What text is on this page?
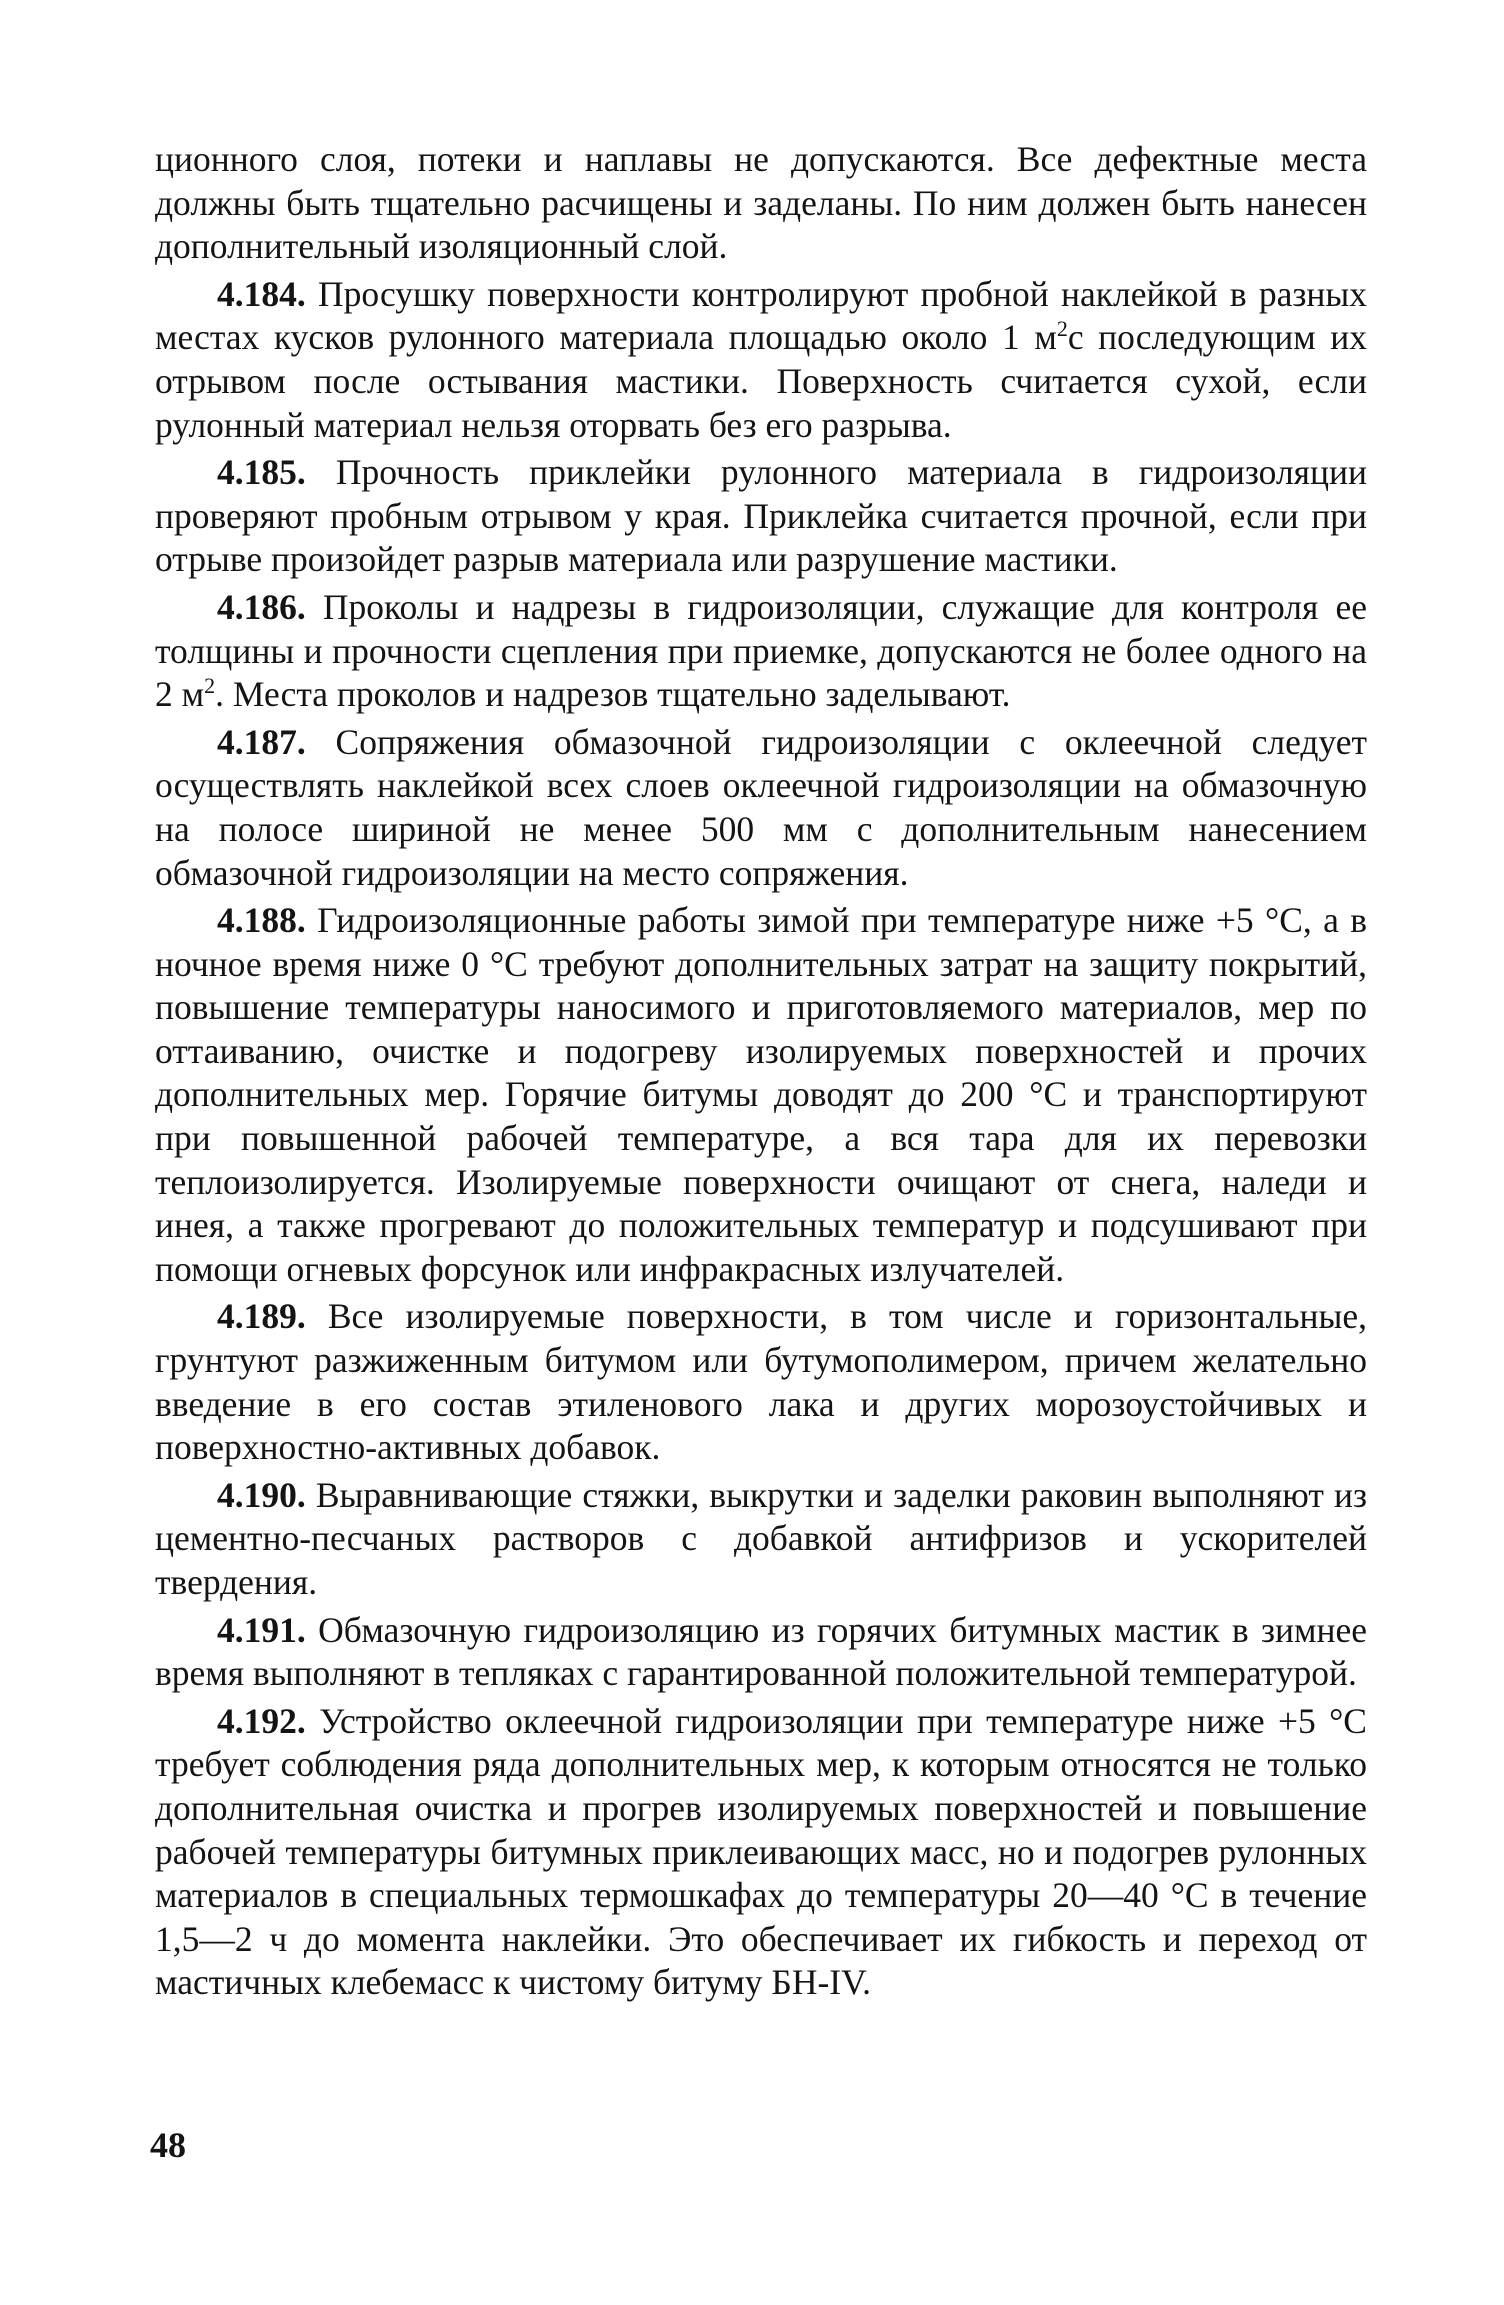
ционного слоя, потеки и наплавы не допускаются. Все дефектные места должны быть тщательно расчищены и заделаны. По ним должен быть нанесен дополнительный изоляционный слой.

4.184. Просушку поверхности контролируют пробной наклейкой в разных местах кусков рулонного материала площадью около 1 $м^2с$ последующим их отрывом после остывания мастики. Поверхность считается сухой, если рулонный материал нельзя оторвать без его разрыва.

4.185. Прочность приклейки рулонного материала в гидроизоляции проверяют пробным отрывом у края. Приклейка считается прочной, если при отрыве произойдет разрыв материала или разрушение мастики.

4.186. Проколы и надрезы в гидроизоляции, служащие для контроля ее толщины и прочности сцепления при приемке, допускаются не более одного на 2 $м^2$. Места проколов и надрезов тщательно заделывают.

4.187. Сопряжения обмазочной гидроизоляции с оклеечной следует осуществлять наклейкой всех слоев оклеечной гидроизоляции на обмазочную на полосе шириной не менее 500 мм с дополнительным нанесением обмазочной гидроизоляции на место сопряжения.

4.188. Гидроизоляционные работы зимой при температуре ниже +5 °С, а в ночное время ниже 0 °С требуют дополнительных затрат на защиту покрытий, повышение температуры наносимого и приготовляемого материалов, мер по оттаиванию, очистке и подогреву изолируемых поверхностей и прочих дополнительных мер. Горячие битумы доводят до 200 °С и транспортируют при повышенной рабочей температуре, а вся тара для их перевозки теплоизолируется. Изолируемые поверхности очищают от снега, наледи и инея, а также прогревают до положительных температур и подсушивают при помощи огневых форсунок или инфракрасных излучателей.

4.189. Все изолируемые поверхности, в том числе и горизонтальные, грунтуют разжиженным битумом или бутумополимером, причем желательно введение в его состав этиленового лака и других морозоустойчивых и поверхностно-активных добавок.

4.190. Выравнивающие стяжки, выкрутки и заделки раковин выполняют из цементно-песчаных растворов с добавкой антифризов и ускорителей твердения.

4.191. Обмазочную гидроизоляцию из горячих битумных мастик в зимнее время выполняют в тепляках с гарантированной положительной температурой.

4.192. Устройство оклеечной гидроизоляции при температуре ниже +5 °С требует соблюдения ряда дополнительных мер, к которым относятся не только дополнительная очистка и прогрев изолируемых поверхностей и повышение рабочей температуры битумных приклеивающих масс, но и подогрев рулонных материалов в специальных термошкафах до температуры 20—40 °С в течение 1,5—2 ч до момента наклейки. Это обеспечивает их гибкость и переход от мастичных клебемасс к чистому битуму БН-IV.

48
